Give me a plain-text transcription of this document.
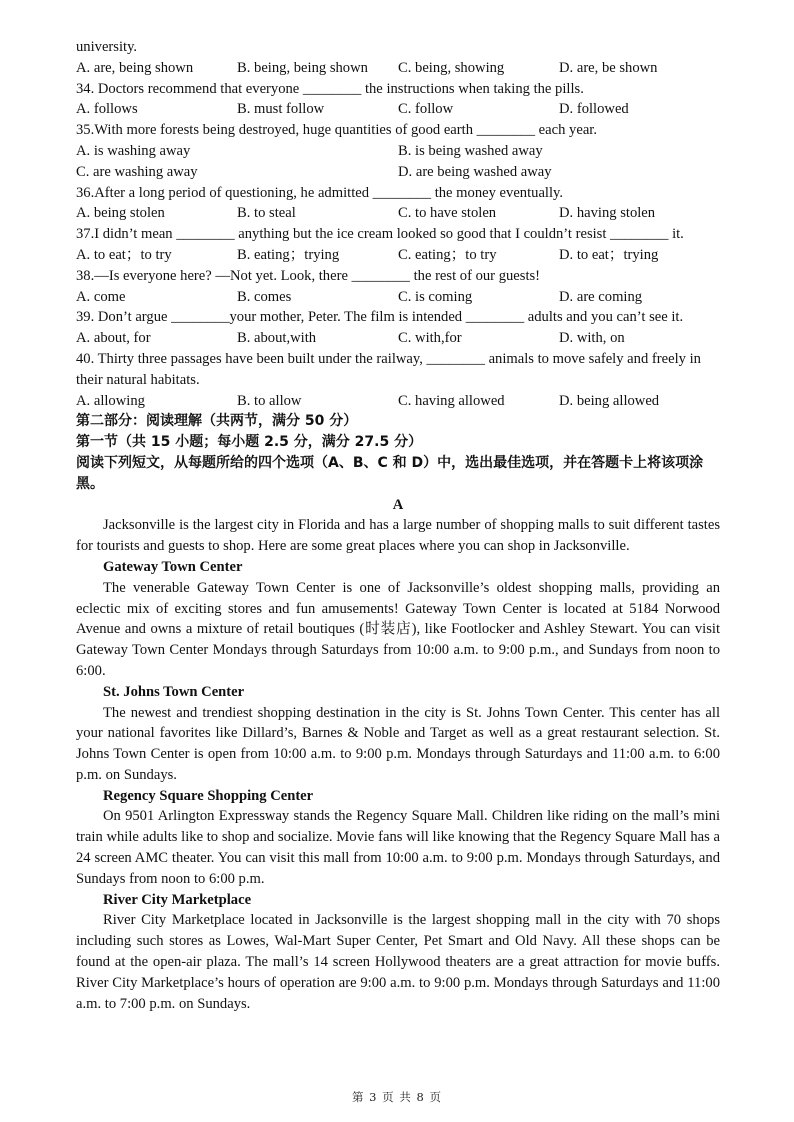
university.
A. are, being shown	B. being, being shown	C. being, showing	D. are, be shown
34. Doctors recommend that everyone ________ the instructions when taking the pills.
A. follows	B. must follow	C. follow	D. followed
35.With more forests being destroyed, huge quantities of good earth ________ each year.
A. is washing away	B. is being washed away
C. are washing away	D. are being washed away
36.After a long period of questioning, he admitted ________ the money eventually.
A. being stolen	B. to steal	C. to have stolen	D. having stolen
37.I didn’t mean ________ anything but the ice cream looked so good that I couldn’t resist ________ it.
A. to eat；to try	B. eating；trying	C. eating；to try	D. to eat；trying
38.—Is everyone here? —Not yet. Look, there ________ the rest of our guests!
A. come	B. comes	C. is coming	D. are coming
39. Don’t argue ________your mother, Peter. The film is intended ________ adults and you can’t see it.
A. about, for	B. about,with	C. with,for	D. with, on
40. Thirty three passages have been built under the railway, ________ animals to move safely and freely in their natural habitats.
A. allowing	B. to allow	C. having allowed	D. being allowed
第二部分：阅读理解（共两节，满分 50 分）
第一节（共 15 小题；每小题 2.5 分，满分 27.5 分）
阅读下列短文，从每题所给的四个选项（A、B、C 和 D）中，选出最佳选项，并在答题卡上将该项涂黑。
A
Jacksonville is the largest city in Florida and has a large number of shopping malls to suit different tastes for tourists and guests to shop. Here are some great places where you can shop in Jacksonville.
Gateway Town Center
The venerable Gateway Town Center is one of Jacksonville’s oldest shopping malls, providing an eclectic mix of exciting stores and fun amusements! Gateway Town Center is located at 5184 Norwood Avenue and owns a mixture of retail boutiques (时装店), like Footlocker and Ashley Stewart. You can visit Gateway Town Center Mondays through Saturdays from 10:00 a.m. to 9:00 p.m., and Sundays from noon to 6:00.
St. Johns Town Center
The newest and trendiest shopping destination in the city is St. Johns Town Center. This center has all your national favorites like Dillard’s, Barnes & Noble and Target as well as a great restaurant selection. St. Johns Town Center is open from 10:00 a.m. to 9:00 p.m. Mondays through Saturdays and 11:00 a.m. to 6:00 p.m. on Sundays.
Regency Square Shopping Center
On 9501 Arlington Expressway stands the Regency Square Mall. Children like riding on the mall’s mini train while adults like to shop and socialize. Movie fans will like knowing that the Regency Square Mall has a 24 screen AMC theater. You can visit this mall from 10:00 a.m. to 9:00 p.m. Mondays through Saturdays, and Sundays from noon to 6:00 p.m.
River City Marketplace
River City Marketplace located in Jacksonville is the largest shopping mall in the city with 70 shops including such stores as Lowes, Wal-Mart Super Center, Pet Smart and Old Navy. All these shops can be found at the open-air plaza. The mall’s 14 screen Hollywood theaters are a great attraction for movie buffs. River City Marketplace’s hours of operation are 9:00 a.m. to 9:00 p.m. Mondays through Saturdays and 11:00 a.m. to 7:00 p.m. on Sundays.
第 3 页 共 8 页
